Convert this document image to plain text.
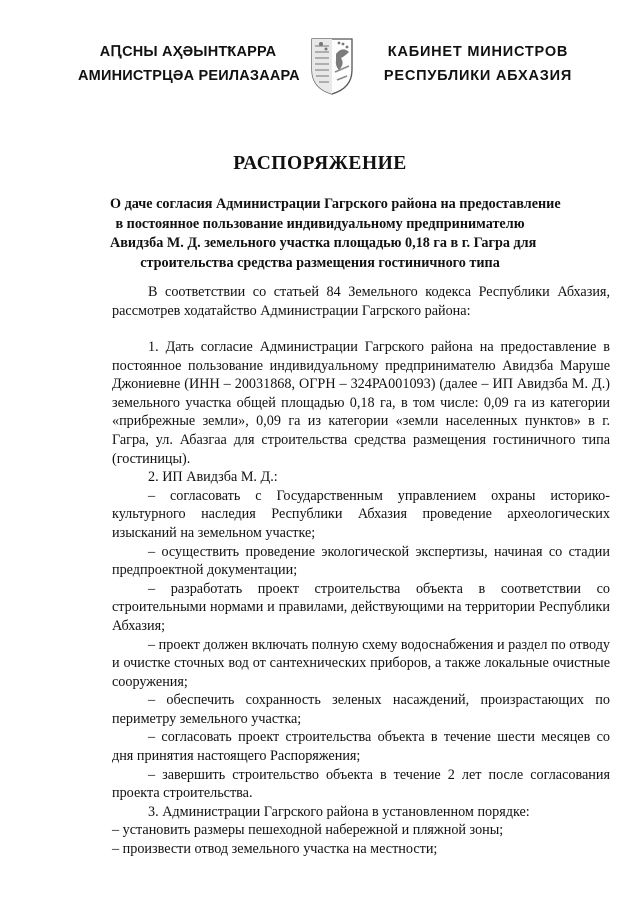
АԤСНЫ АҲӘЫНТҞАРРА
АМИНИСТРЦӘА РЕИЛАЗААРА
КАБИНЕТ МИНИСТРОВ
РЕСПУБЛИКИ АБХАЗИЯ
РАСПОРЯЖЕНИЕ
О даче согласия Администрации Гагрского района на предоставление
в постоянное пользование индивидуальному предпринимателю
Авидзба М. Д. земельного участка площадью 0,18 га в г. Гагра для
строительства средства размещения гостиничного типа

В соответствии со статьей 84 Земельного кодекса Республики Абхазия, рассмотрев ходатайство Администрации Гагрского района:

1. Дать согласие Администрации Гагрского района на предоставление в постоянное пользование индивидуальному предпринимателю Авидзба Маруше Джониевне (ИНН – 20031868, ОГРН – 324РА001093) (далее – ИП Авидзба М. Д.) земельного участка общей площадью 0,18 га, в том числе: 0,09 га из категории «прибрежные земли», 0,09 га из категории «земли населенных пунктов» в г. Гагра, ул. Абазгаа для строительства средства размещения гостиничного типа (гостиницы).

2. ИП Авидзба М. Д.:

– согласовать с Государственным управлением охраны историко-культурного наследия Республики Абхазия проведение археологических изысканий на земельном участке;

– осуществить проведение экологической экспертизы, начиная со стадии предпроектной документации;

– разработать проект строительства объекта в соответствии со строительными нормами и правилами, действующими на территории Республики Абхазия;

– проект должен включать полную схему водоснабжения и раздел по отводу и очистке сточных вод от сантехнических приборов, а также локальные очистные сооружения;

– обеспечить сохранность зеленых насаждений, произрастающих по периметру земельного участка;

– согласовать проект строительства объекта в течение шести месяцев со дня принятия настоящего Распоряжения;

– завершить строительство объекта в течение 2 лет после согласования проекта строительства.

3. Администрации Гагрского района в установленном порядке:

– установить размеры пешеходной набережной и пляжной зоны;

– произвести отвод земельного участка на местности;
